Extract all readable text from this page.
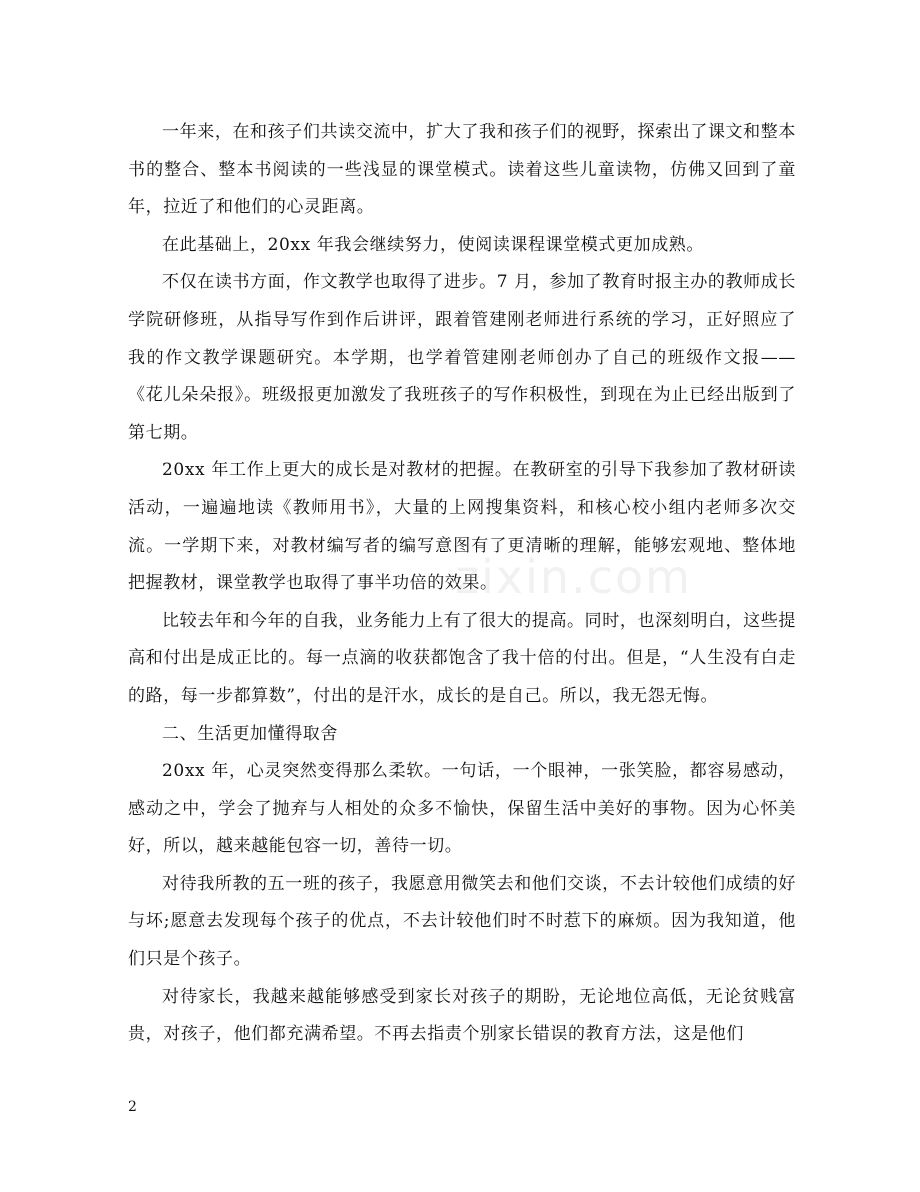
一年来，在和孩子们共读交流中，扩大了我和孩子们的视野，探索出了课文和整本书的整合、整本书阅读的一些浅显的课堂模式。读着这些儿童读物，仿佛又回到了童年，拉近了和他们的心灵距离。

在此基础上，20xx 年我会继续努力，使阅读课程课堂模式更加成熟。

不仅在读书方面，作文教学也取得了进步。7 月，参加了教育时报主办的教师成长学院研修班，从指导写作到作后讲评，跟着管建刚老师进行系统的学习，正好照应了我的作文教学课题研究。本学期，也学着管建刚老师创办了自己的班级作文报——《花儿朵朵报》。班级报更加激发了我班孩子的写作积极性，到现在为止已经出版到了第七期。

20xx 年工作上更大的成长是对教材的把握。在教研室的引导下我参加了教材研读活动，一遍遍地读《教师用书》，大量的上网搜集资料，和核心校小组内老师多次交流。一学期下来，对教材编写者的编写意图有了更清晰的理解，能够宏观地、整体地把握教材，课堂教学也取得了事半功倍的效果。

比较去年和今年的自我，业务能力上有了很大的提高。同时，也深刻明白，这些提高和付出是成正比的。每一点滴的收获都饱含了我十倍的付出。但是，“人生没有白走的路，每一步都算数”，付出的是汗水，成长的是自己。所以，我无怨无悔。

二、生活更加懂得取舍

20xx 年，心灵突然变得那么柔软。一句话，一个眼神，一张笑脸，都容易感动，感动之中，学会了抛弃与人相处的众多不愉快，保留生活中美好的事物。因为心怀美好，所以，越来越能包容一切，善待一切。

对待我所教的五一班的孩子，我愿意用微笑去和他们交谈，不去计较他们成绩的好与坏;愿意去发现每个孩子的优点，不去计较他们时不时惹下的麻烦。因为我知道，他们只是个孩子。

对待家长，我越来越能够感受到家长对孩子的期盼，无论地位高低，无论贫贱富贵，对孩子，他们都充满希望。不再去指责个别家长错误的教育方法，这是他们

zixin.com
2
